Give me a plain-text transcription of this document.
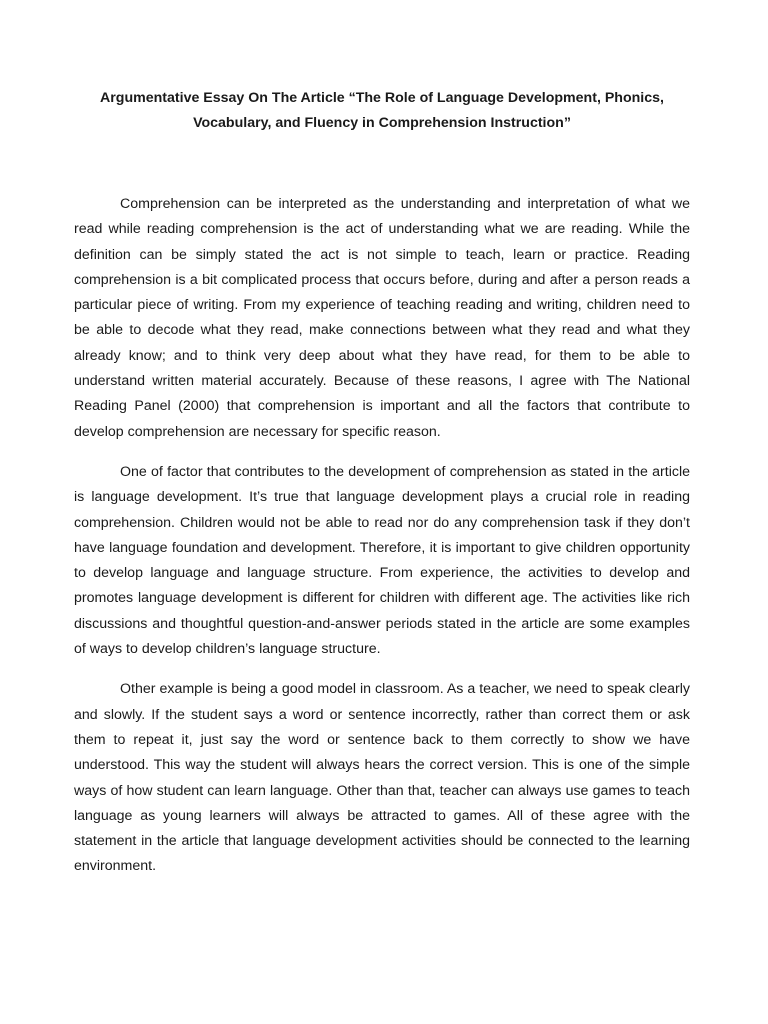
Argumentative Essay On The Article “The Role of Language Development, Phonics,
Vocabulary, and Fluency in Comprehension Instruction”

Comprehension can be interpreted as the understanding and interpretation of what we read while reading comprehension is the act of understanding what we are reading. While the definition can be simply stated the act is not simple to teach, learn or practice. Reading comprehension is a bit complicated process that occurs before, during and after a person reads a particular piece of writing. From my experience of teaching reading and writing, children need to be able to decode what they read, make connections between what they read and what they already know; and to think very deep about what they have read, for them to be able to understand written material accurately. Because of these reasons, I agree with The National Reading Panel (2000) that comprehension is important and all the factors that contribute to develop comprehension are necessary for specific reason.

One of factor that contributes to the development of comprehension as stated in the article is language development. It’s true that language development plays a crucial role in reading comprehension. Children would not be able to read nor do any comprehension task if they don’t have language foundation and development. Therefore, it is important to give children opportunity to develop language and language structure. From experience, the activities to develop and promotes language development is different for children with different age. The activities like rich discussions and thoughtful question-and-answer periods stated in the article are some examples of ways to develop children’s language structure.

Other example is being a good model in classroom. As a teacher, we need to speak clearly and slowly. If the student says a word or sentence incorrectly, rather than correct them or ask them to repeat it, just say the word or sentence back to them correctly to show we have understood. This way the student will always hears the correct version. This is one of the simple ways of how student can learn language. Other than that, teacher can always use games to teach language as young learners will always be attracted to games. All of these agree with the statement in the article that language development activities should be connected to the learning environment.
